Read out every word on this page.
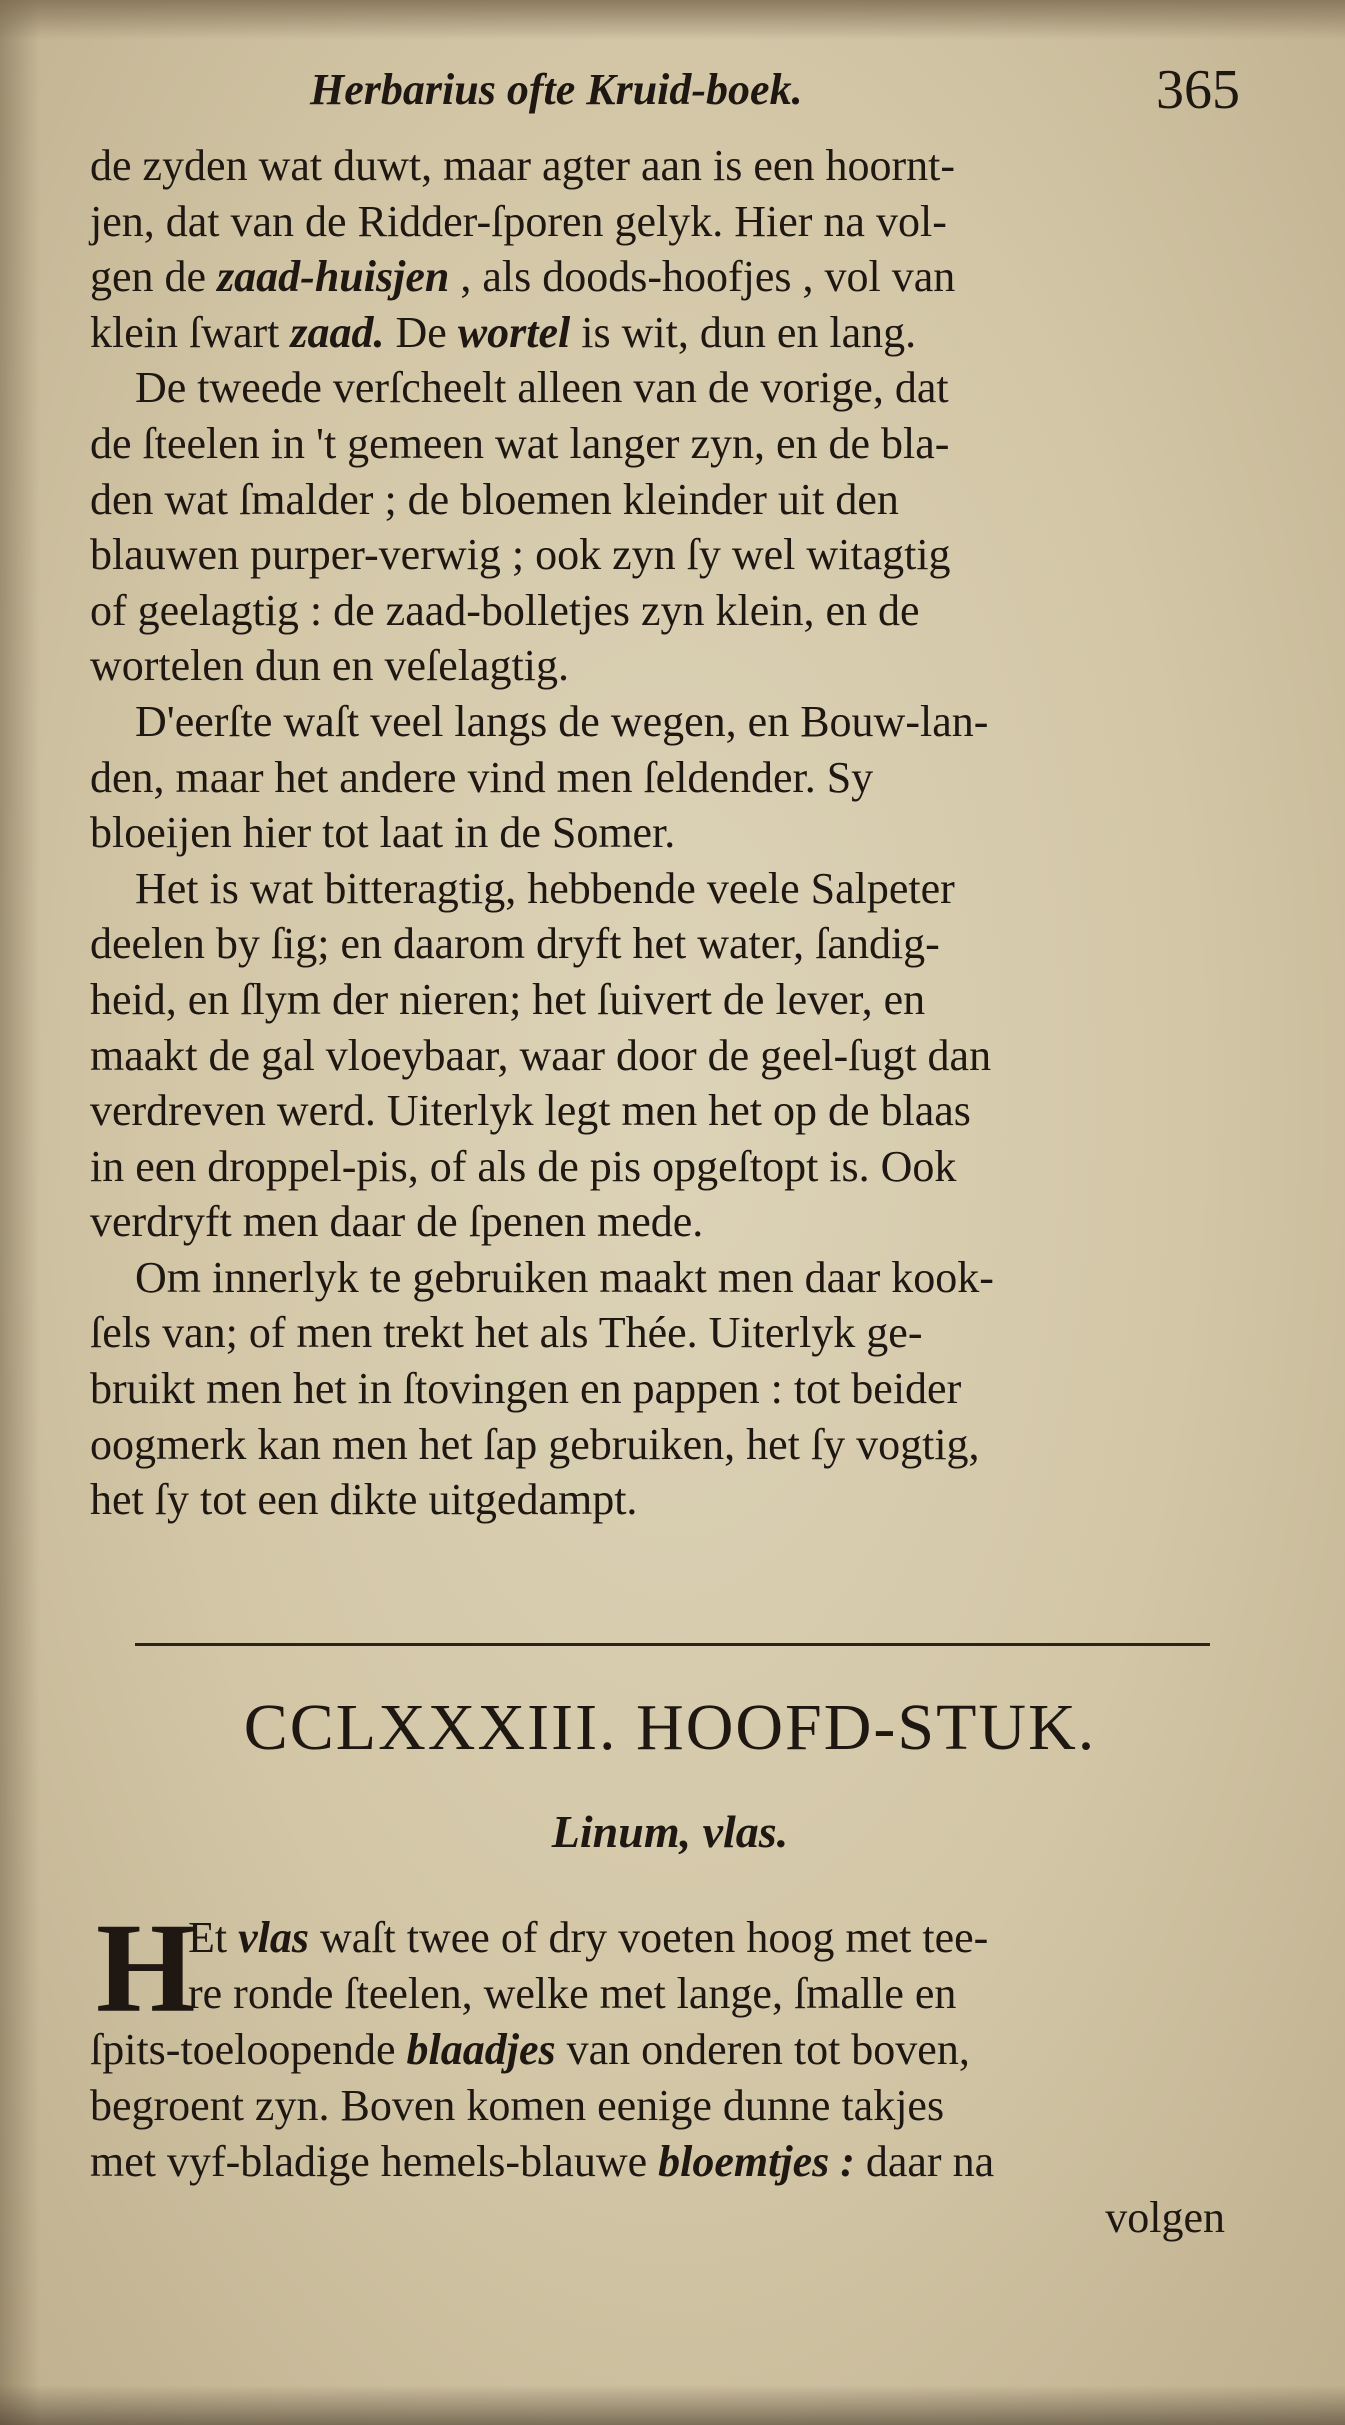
Herbarius ofte Kruid-boek.	365
de zyden wat duwt, maar agter aan is een hoornt-
jen, dat van de Ridder-ſporen gelyk. Hier na vol-
gen de zaad-huisjen , als doods-hoofjes , vol van
klein ſwart zaad. De wortel is wit, dun en lang.
De tweede verſcheelt alleen van de vorige, dat
de ſteelen in 't gemeen wat langer zyn, en de bla-
den wat ſmalder ; de bloemen kleinder uit den
blauwen purper-verwig ; ook zyn ſy wel witagtig
of geelagtig : de zaad-bolletjes zyn klein, en de
wortelen dun en veſelagtig.
D'eerſte waſt veel langs de wegen, en Bouw-lan-
den, maar het andere vind men ſeldender. Sy
bloeijen hier tot laat in de Somer.
Het is wat bitteragtig, hebbende veele Salpeter
deelen by ſig; en daarom dryft het water, ſandig-
heid, en ſlym der nieren; het ſuivert de lever, en
maakt de gal vloeybaar, waar door de geel-ſugt dan
verdreven werd. Uiterlyk legt men het op de blaas
in een droppel-pis, of als de pis opgeſtopt is. Ook
verdryft men daar de ſpenen mede.
Om innerlyk te gebruiken maakt men daar kook-
ſels van; of men trekt het als Thée. Uiterlyk ge-
bruikt men het in ſtovingen en pappen : tot beider
oogmerk kan men het ſap gebruiken, het ſy vogtig,
het ſy tot een dikte uitgedampt.
CCLXXXIII. HOOFD-STUK.
Linum, vlas.
H
Et vlas waſt twee of dry voeten hoog met tee-
re ronde ſteelen, welke met lange, ſmalle en
ſpits-toeloopende blaadjes van onderen tot boven,
begroent zyn. Boven komen eenige dunne takjes
met vyf-bladige hemels-blauwe bloemtjes : daar na
volgen
